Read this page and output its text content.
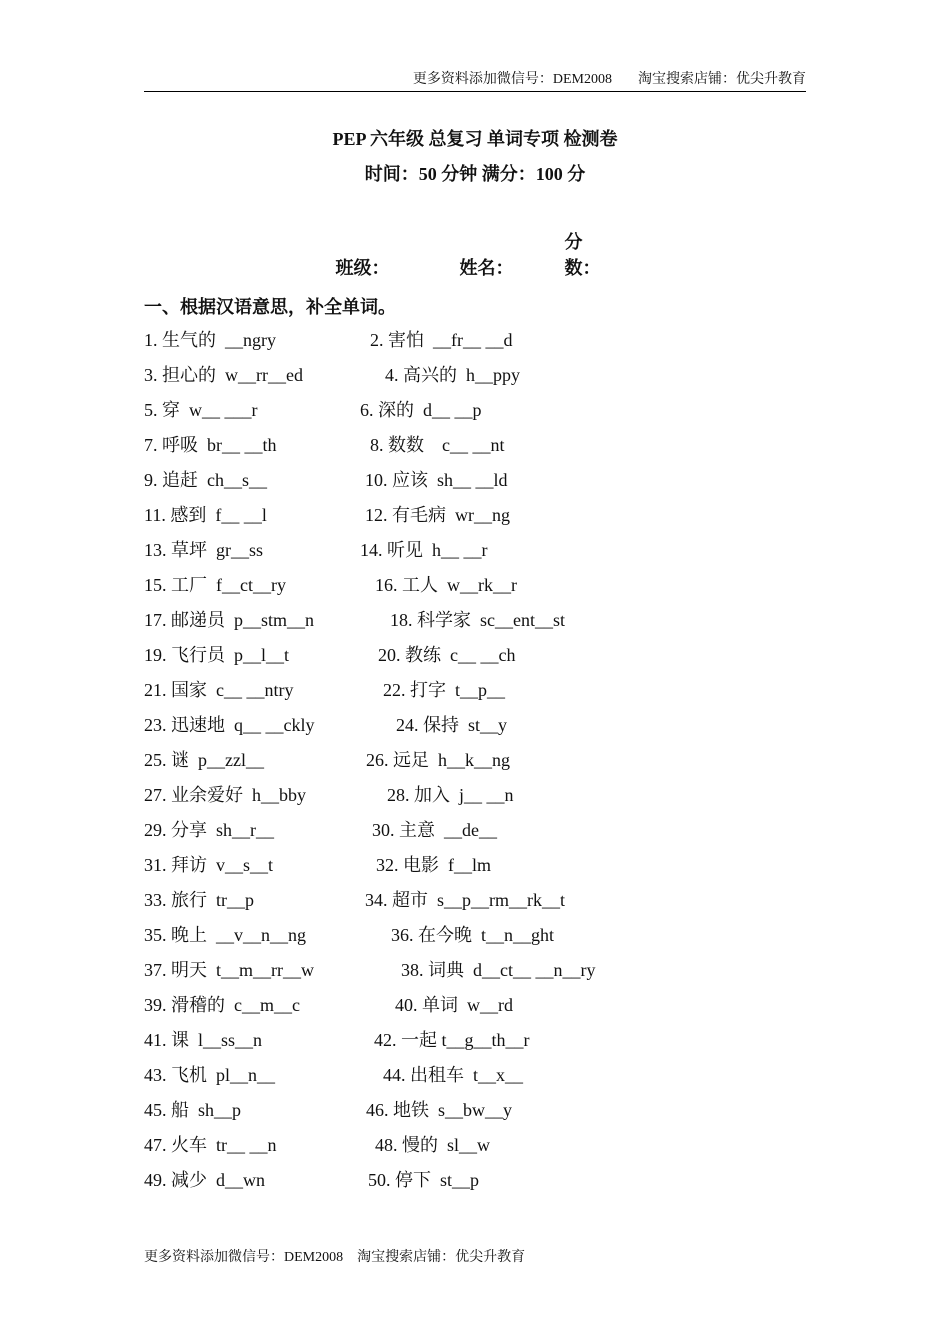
更多资料添加微信号：DEM2008 淘宝搜索店铺：优尖升教育
PEP 六年级 总复习 单词专项 检测卷
时间：50 分钟 满分：100 分
班级：	姓名：分数：
一、根据汉语意思，补全单词。
1. 生气的  __ngry	2. 害怕  __fr__ __d
3. 担心的  w__rr__ed	4. 高兴的  h__ppy
5. 穿  w__ ___r	6. 深的  d__ __p
7. 呼吸  br__ __th	8. 数数    c__ __nt
9. 追赶  ch__s__	10. 应该  sh__ __ld
11. 感到  f__ __l	12. 有毛病  wr__ng
13. 草坪  gr__ss	14. 听见  h__ __r
15. 工厂  f__ct__ry	16. 工人  w__rk__r
17. 邮递员  p__stm__n	18. 科学家  sc__ent__st
19. 飞行员  p__l__t	20. 教练  c__ __ch
21. 国家  c__ __ntry	22. 打字  t__p__
23. 迅速地  q__ __ckly	24. 保持  st__y
25. 谜  p__zzl__	26. 远足  h__k__ng
27. 业余爱好  h__bby	28. 加入  j__ __n
29. 分享  sh__r__	30. 主意  __de__
31. 拜访  v__s__t	32. 电影  f__lm
33. 旅行  tr__p	34. 超市  s__p__rm__rk__t
35. 晚上  __v__n__ng	36. 在今晚  t__n__ght
37. 明天  t__m__rr__w	38. 词典  d__ct__ __n__ry
39. 滑稽的  c__m__c	40. 单词  w__rd
41. 课  l__ss__n	42. 一起 t__g__th__r
43. 飞机  pl__n__	44. 出租车  t__x__
45. 船  sh__p	46. 地铁  s__bw__y
47. 火车  tr__ __n	48. 慢的  sl__w
49. 减少  d__wn	50. 停下  st__p
更多资料添加微信号：DEM2008 淘宝搜索店铺：优尖升教育
